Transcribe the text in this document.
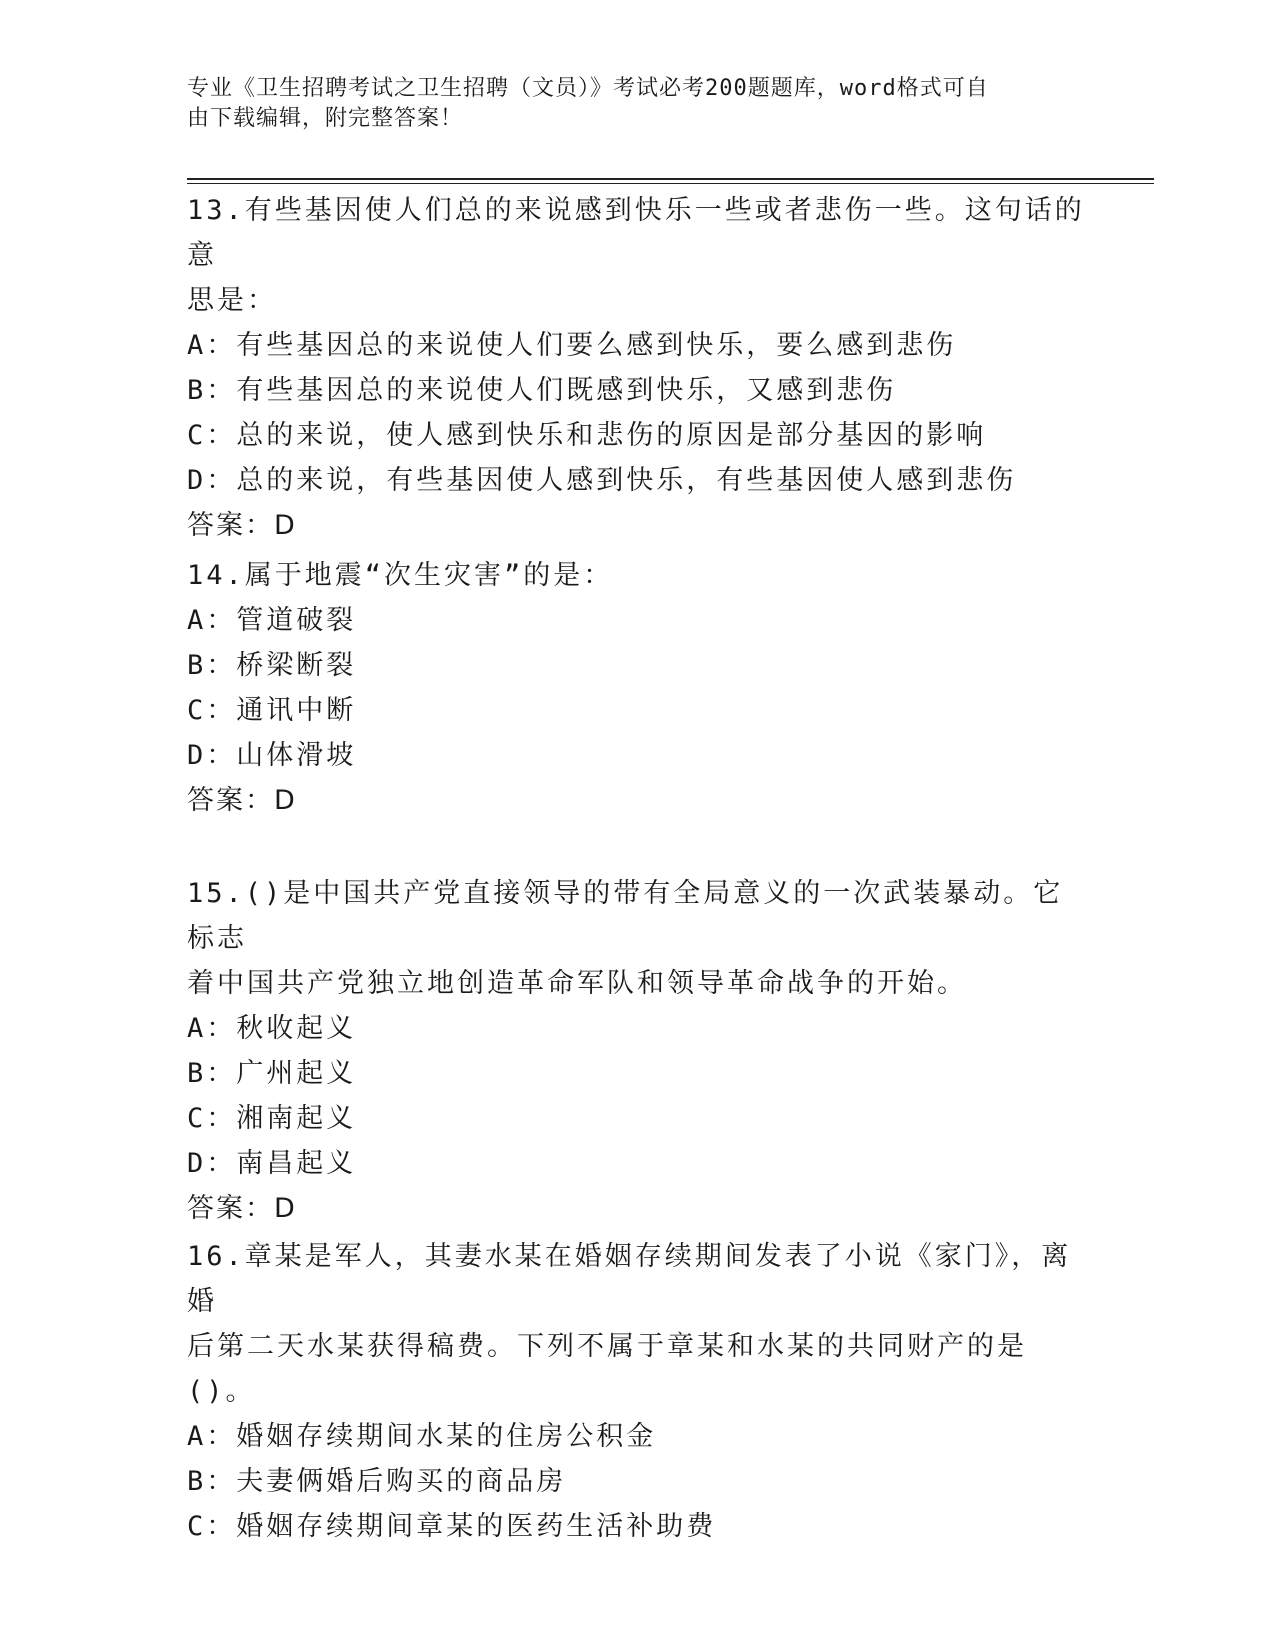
专业《卫生招聘考试之卫生招聘（文员）》考试必考200题题库，word格式可自
由下载编辑，附完整答案！
13.有些基因使人们总的来说感到快乐一些或者悲伤一些。这句话的意
思是：
A：有些基因总的来说使人们要么感到快乐，要么感到悲伤
B：有些基因总的来说使人们既感到快乐，又感到悲伤
C：总的来说，使人感到快乐和悲伤的原因是部分基因的影响
D：总的来说，有些基因使人感到快乐，有些基因使人感到悲伤
答案：D
14.属于地震“次生灾害”的是：
A：管道破裂
B：桥梁断裂
C：通讯中断
D：山体滑坡
答案：D
15.()是中国共产党直接领导的带有全局意义的一次武装暴动。它标志
着中国共产党独立地创造革命军队和领导革命战争的开始。
A：秋收起义
B：广州起义
C：湘南起义
D：南昌起义
答案：D
16.章某是军人，其妻水某在婚姻存续期间发表了小说《家门》，离婚
后第二天水某获得稿费。下列不属于章某和水某的共同财产的是()。
A：婚姻存续期间水某的住房公积金
B：夫妻俩婚后购买的商品房
C：婚姻存续期间章某的医药生活补助费
